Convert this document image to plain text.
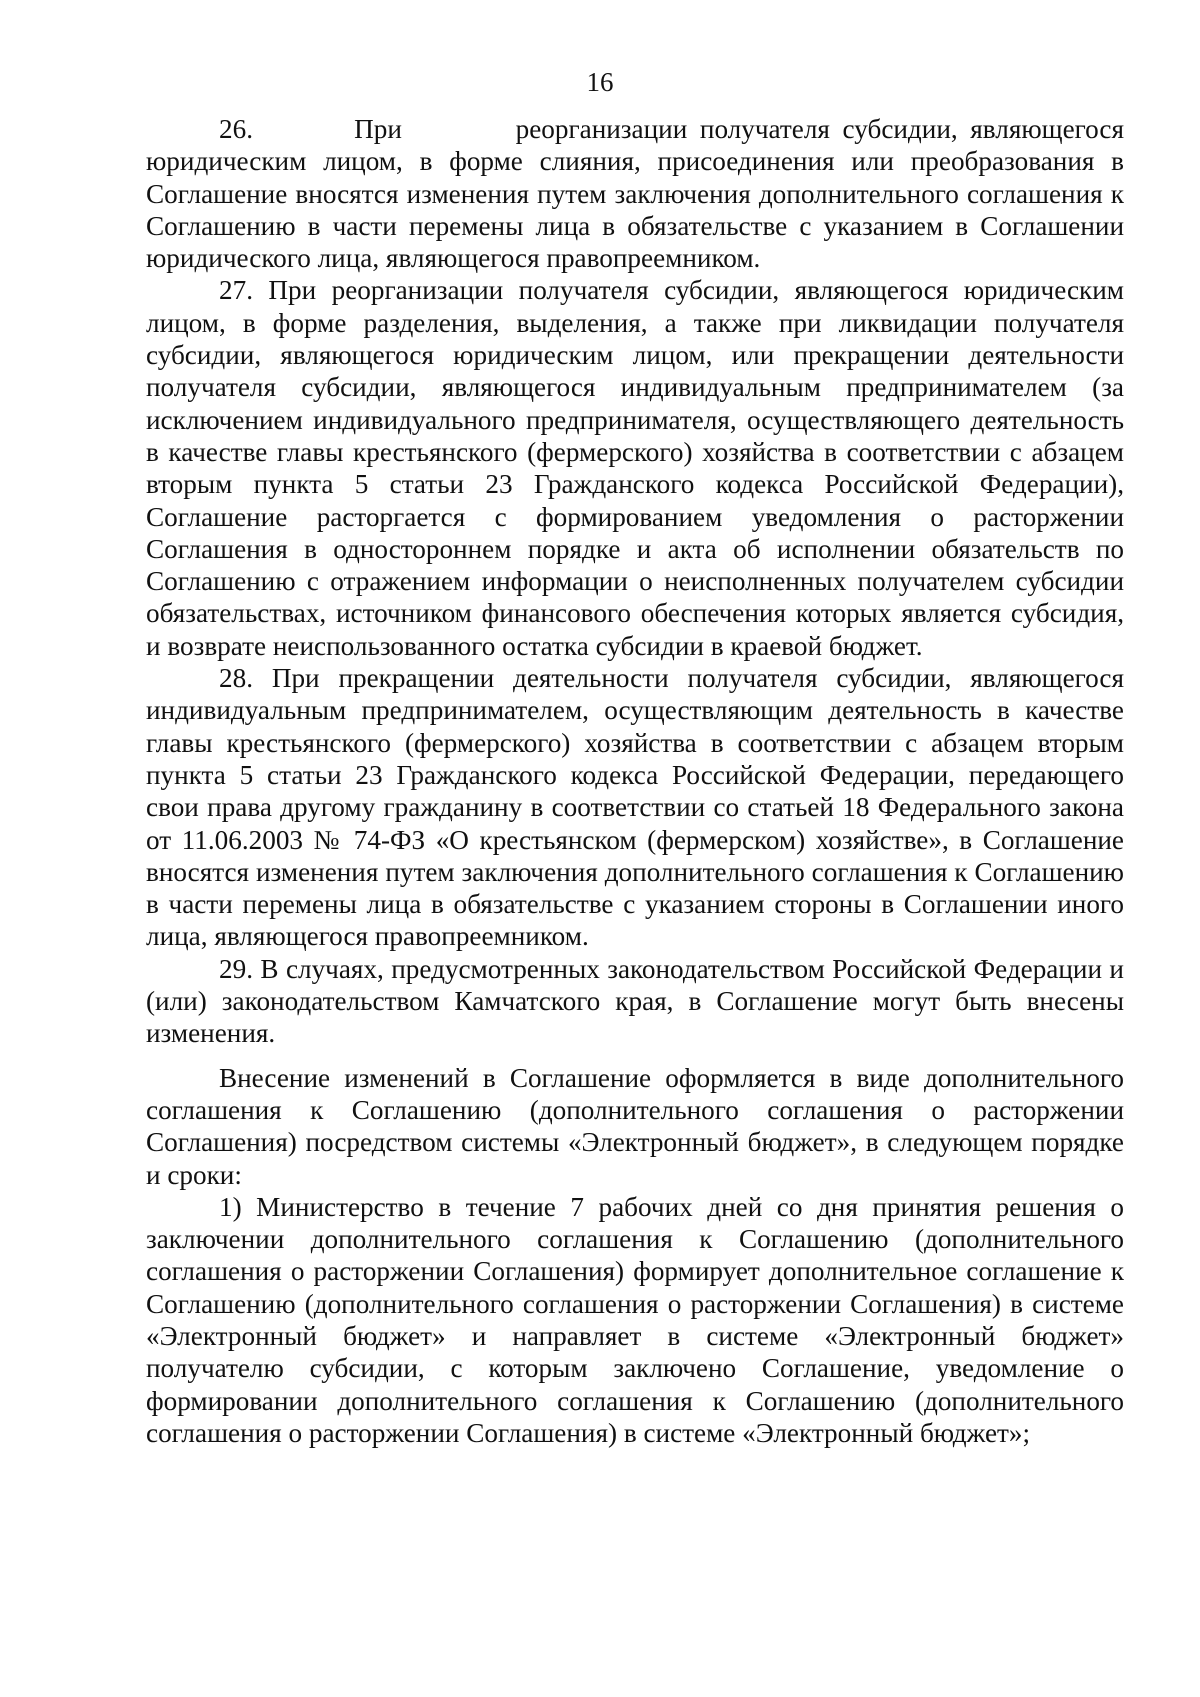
16

26.        При         реорганизации получателя субсидии, являющегося юридическим лицом, в форме слияния, присоединения или преобразования в Соглашение вносятся изменения путем заключения дополнительного соглашения к Соглашению в части перемены лица в обязательстве с указанием в Соглашении юридического лица, являющегося правопреемником.

27. При реорганизации получателя субсидии, являющегося юридическим лицом, в форме разделения, выделения, а также при ликвидации получателя субсидии, являющегося юридическим лицом, или прекращении деятельности получателя субсидии, являющегося индивидуальным предпринимателем (за исключением индивидуального предпринимателя, осуществляющего деятельность в качестве главы крестьянского (фермерского) хозяйства в соответствии с абзацем вторым пункта 5 статьи 23 Гражданского кодекса Российской Федерации), Соглашение расторгается с формированием уведомления о расторжении Соглашения в одностороннем порядке и акта об исполнении обязательств по Соглашению с отражением информации о неисполненных получателем субсидии обязательствах, источником финансового обеспечения которых является субсидия, и возврате неиспользованного остатка субсидии в краевой бюджет.

28. При прекращении деятельности получателя субсидии, являющегося индивидуальным предпринимателем, осуществляющим деятельность в качестве главы крестьянского (фермерского) хозяйства в соответствии с абзацем вторым пункта 5 статьи 23 Гражданского кодекса Российской Федерации, передающего свои права другому гражданину в соответствии со статьей 18 Федерального закона от 11.06.2003 № 74-ФЗ «О крестьянском (фермерском) хозяйстве», в Соглашение вносятся изменения путем заключения дополнительного соглашения к Соглашению в части перемены лица в обязательстве с указанием стороны в Соглашении иного лица, являющегося правопреемником.

29. В случаях, предусмотренных законодательством Российской Федерации и (или) законодательством Камчатского края, в Соглашение могут быть внесены изменения.

Внесение изменений в Соглашение оформляется в виде дополнительного соглашения к Соглашению (дополнительного соглашения о расторжении Соглашения) посредством системы «Электронный бюджет», в следующем порядке и сроки:

1) Министерство в течение 7 рабочих дней со дня принятия решения о заключении дополнительного соглашения к Соглашению (дополнительного соглашения о расторжении Соглашения) формирует дополнительное соглашение к Соглашению (дополнительного соглашения о расторжении Соглашения) в системе «Электронный бюджет» и направляет в системе «Электронный бюджет» получателю субсидии, с которым заключено Соглашение, уведомление о формировании дополнительного соглашения к Соглашению (дополнительного соглашения о расторжении Соглашения) в системе «Электронный бюджет»;
